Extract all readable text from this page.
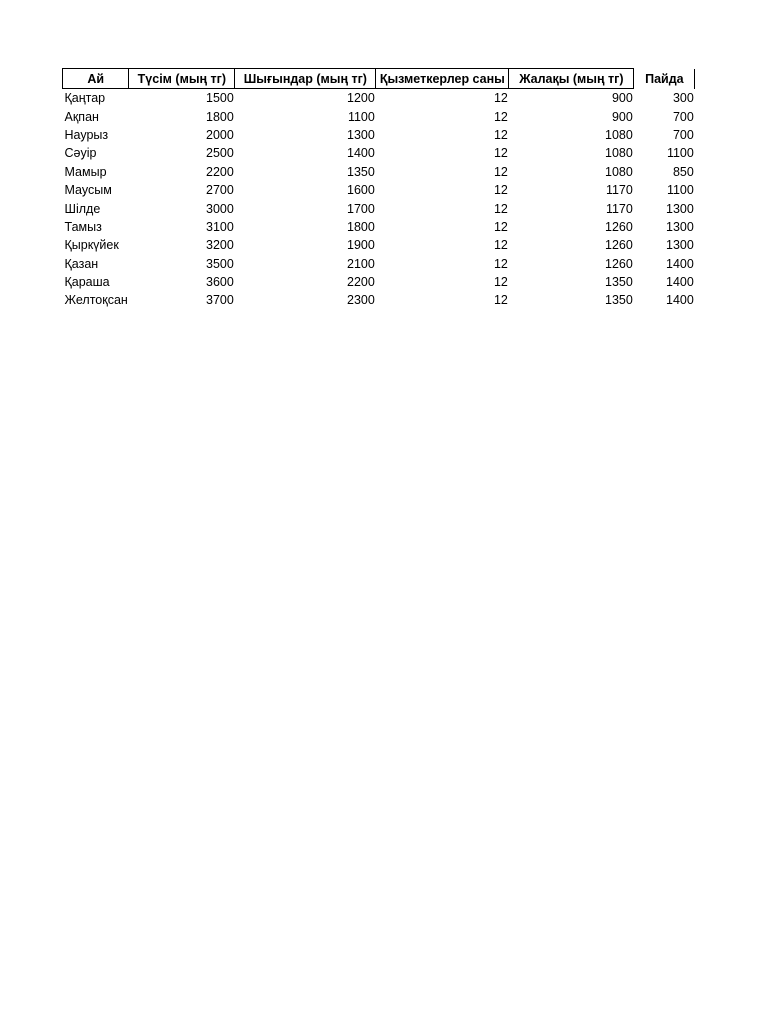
Ай	Түсім (мың тг)	Шығындар (мың тг)	Қызметкерлер саны	Жалақы (мың тг)	Пайда
Қаңтар	1500	1200	12	900	300
Ақпан	1800	1100	12	900	700
Наурыз	2000	1300	12	1080	700
Сәуір	2500	1400	12	1080	1100
Мамыр	2200	1350	12	1080	850
Маусым	2700	1600	12	1170	1100
Шілде	3000	1700	12	1170	1300
Тамыз	3100	1800	12	1260	1300
Қыркүйек	3200	1900	12	1260	1300
Қазан	3500	2100	12	1260	1400
Қараша	3600	2200	12	1350	1400
Желтоқсан	3700	2300	12	1350	1400
